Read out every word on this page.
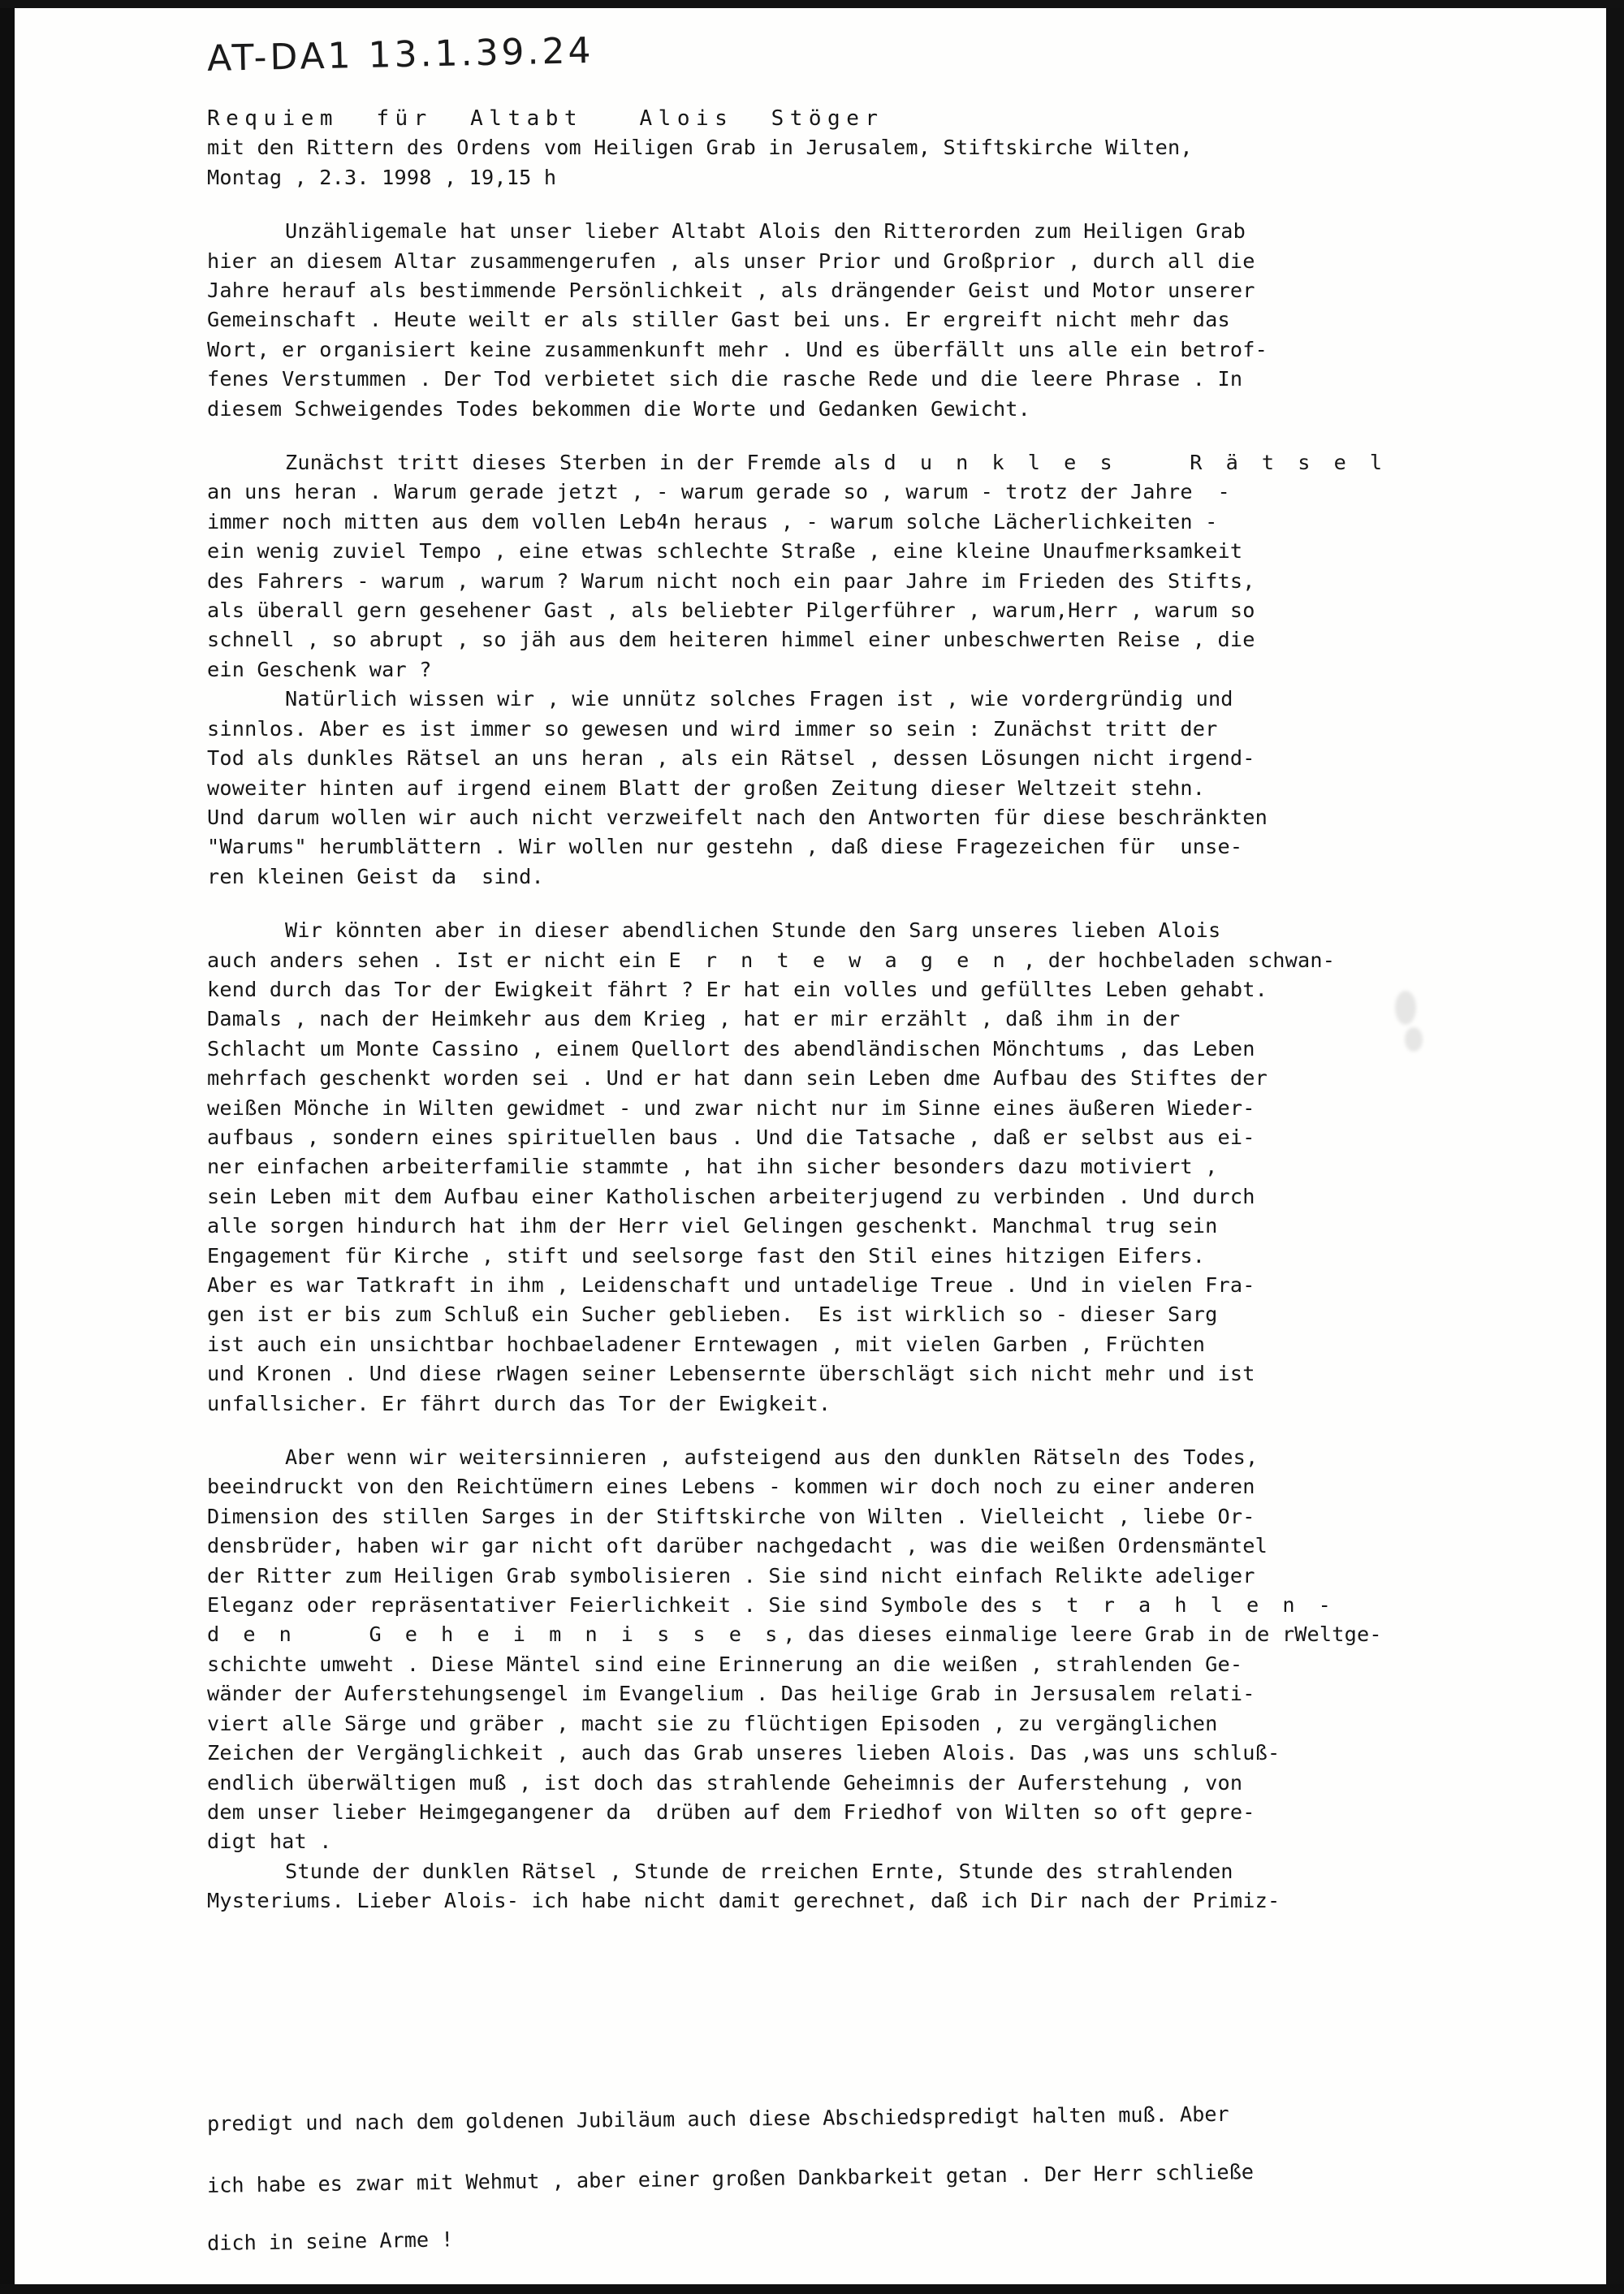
AT-DA1 13.1.39.24
Requiem  für  Altabt   Alois  Stöger
mit den Rittern des Ordens vom Heiligen Grab in Jerusalem, Stiftskirche Wilten,
Montag , 2.3. 1998 , 19,15 h
Unzähligemale hat unser lieber Altabt Alois den Ritterorden zum Heiligen Grab
hier an diesem Altar zusammengerufen , als unser Prior und Großprior , durch all die
Jahre herauf als bestimmende Persönlichkeit , als drängender Geist und Motor unserer
Gemeinschaft . Heute weilt er als stiller Gast bei uns. Er ergreift nicht mehr das
Wort, er organisiert keine zusammenkunft mehr . Und es überfällt uns alle ein betrof-
fenes Verstummen . Der Tod verbietet sich die rasche Rede und die leere Phrase . In
diesem Schweigendes Todes bekommen die Worte und Gedanken Gewicht.
Zunächst tritt dieses Sterben in der Fremde als d u n k l e s    R ä t s e l
an uns heran . Warum gerade jetzt , - warum gerade so , warum - trotz der Jahre  -
immer noch mitten aus dem vollen Leb4n heraus , - warum solche Lächerlichkeiten -
ein wenig zuviel Tempo , eine etwas schlechte Straße , eine kleine Unaufmerksamkeit
des Fahrers - warum , warum ? Warum nicht noch ein paar Jahre im Frieden des Stifts,
als überall gern gesehener Gast , als beliebter Pilgerführer , warum,Herr , warum so
schnell , so abrupt , so jäh aus dem heiteren himmel einer unbeschwerten Reise , die
ein Geschenk war ?
Natürlich wissen wir , wie unnütz solches Fragen ist , wie vordergründig und
sinnlos. Aber es ist immer so gewesen und wird immer so sein : Zunächst tritt der
Tod als dunkles Rätsel an uns heran , als ein Rätsel , dessen Lösungen nicht irgend-
woweiter hinten auf irgend einem Blatt der großen Zeitung dieser Weltzeit stehn.
Und darum wollen wir auch nicht verzweifelt nach den Antworten für diese beschränkten
"Warums" herumblättern . Wir wollen nur gestehn , daß diese Fragezeichen für  unse-
ren kleinen Geist da  sind.
Wir könnten aber in dieser abendlichen Stunde den Sarg unseres lieben Alois
auch anders sehen . Ist er nicht ein E r n t e w a g e n , der hochbeladen schwan-
kend durch das Tor der Ewigkeit fährt ? Er hat ein volles und gefülltes Leben gehabt.
Damals , nach der Heimkehr aus dem Krieg , hat er mir erzählt , daß ihm in der
Schlacht um Monte Cassino , einem Quellort des abendländischen Mönchtums , das Leben
mehrfach geschenkt worden sei . Und er hat dann sein Leben dme Aufbau des Stiftes der
weißen Mönche in Wilten gewidmet - und zwar nicht nur im Sinne eines äußeren Wieder-
aufbaus , sondern eines spirituellen baus . Und die Tatsache , daß er selbst aus ei-
ner einfachen arbeiterfamilie stammte , hat ihn sicher besonders dazu motiviert ,
sein Leben mit dem Aufbau einer Katholischen arbeiterjugend zu verbinden . Und durch
alle sorgen hindurch hat ihm der Herr viel Gelingen geschenkt. Manchmal trug sein
Engagement für Kirche , stift und seelsorge fast den Stil eines hitzigen Eifers.
Aber es war Tatkraft in ihm , Leidenschaft und untadelige Treue . Und in vielen Fra-
gen ist er bis zum Schluß ein Sucher geblieben.  Es ist wirklich so - dieser Sarg
ist auch ein unsichtbar hochbaeladener Erntewagen , mit vielen Garben , Früchten
und Kronen . Und diese rWagen seiner Lebensernte überschlägt sich nicht mehr und ist
unfallsicher. Er fährt durch das Tor der Ewigkeit.
Aber wenn wir weitersinnieren , aufsteigend aus den dunklen Rätseln des Todes,
beeindruckt von den Reichtümern eines Lebens - kommen wir doch noch zu einer anderen
Dimension des stillen Sarges in der Stiftskirche von Wilten . Vielleicht , liebe Or-
densbrüder, haben wir gar nicht oft darüber nachgedacht , was die weißen Ordensmäntel
der Ritter zum Heiligen Grab symbolisieren . Sie sind nicht einfach Relikte adeliger
Eleganz oder repräsentativer Feierlichkeit . Sie sind Symbole des s t r a h l e n -
d e n    G e h e i m n i s s e s, das dieses einmalige leere Grab in de rWeltge-
schichte umweht . Diese Mäntel sind eine Erinnerung an die weißen , strahlenden Ge-
wänder der Auferstehungsengel im Evangelium . Das heilige Grab in Jersusalem relati-
viert alle Särge und gräber , macht sie zu flüchtigen Episoden , zu vergänglichen
Zeichen der Vergänglichkeit , auch das Grab unseres lieben Alois. Das ,was uns schluß-
endlich überwältigen muß , ist doch das strahlende Geheimnis der Auferstehung , von
dem unser lieber Heimgegangener da  drüben auf dem Friedhof von Wilten so oft gepre-
digt hat .
Stunde der dunklen Rätsel , Stunde de rreichen Ernte, Stunde des strahlenden
Mysteriums. Lieber Alois- ich habe nicht damit gerechnet, daß ich Dir nach der Primiz-
predigt und nach dem goldenen Jubiläum auch diese Abschiedspredigt halten muß. Aber
ich habe es zwar mit Wehmut , aber einer großen Dankbarkeit getan . Der Herr schließe
dich in seine Arme !
